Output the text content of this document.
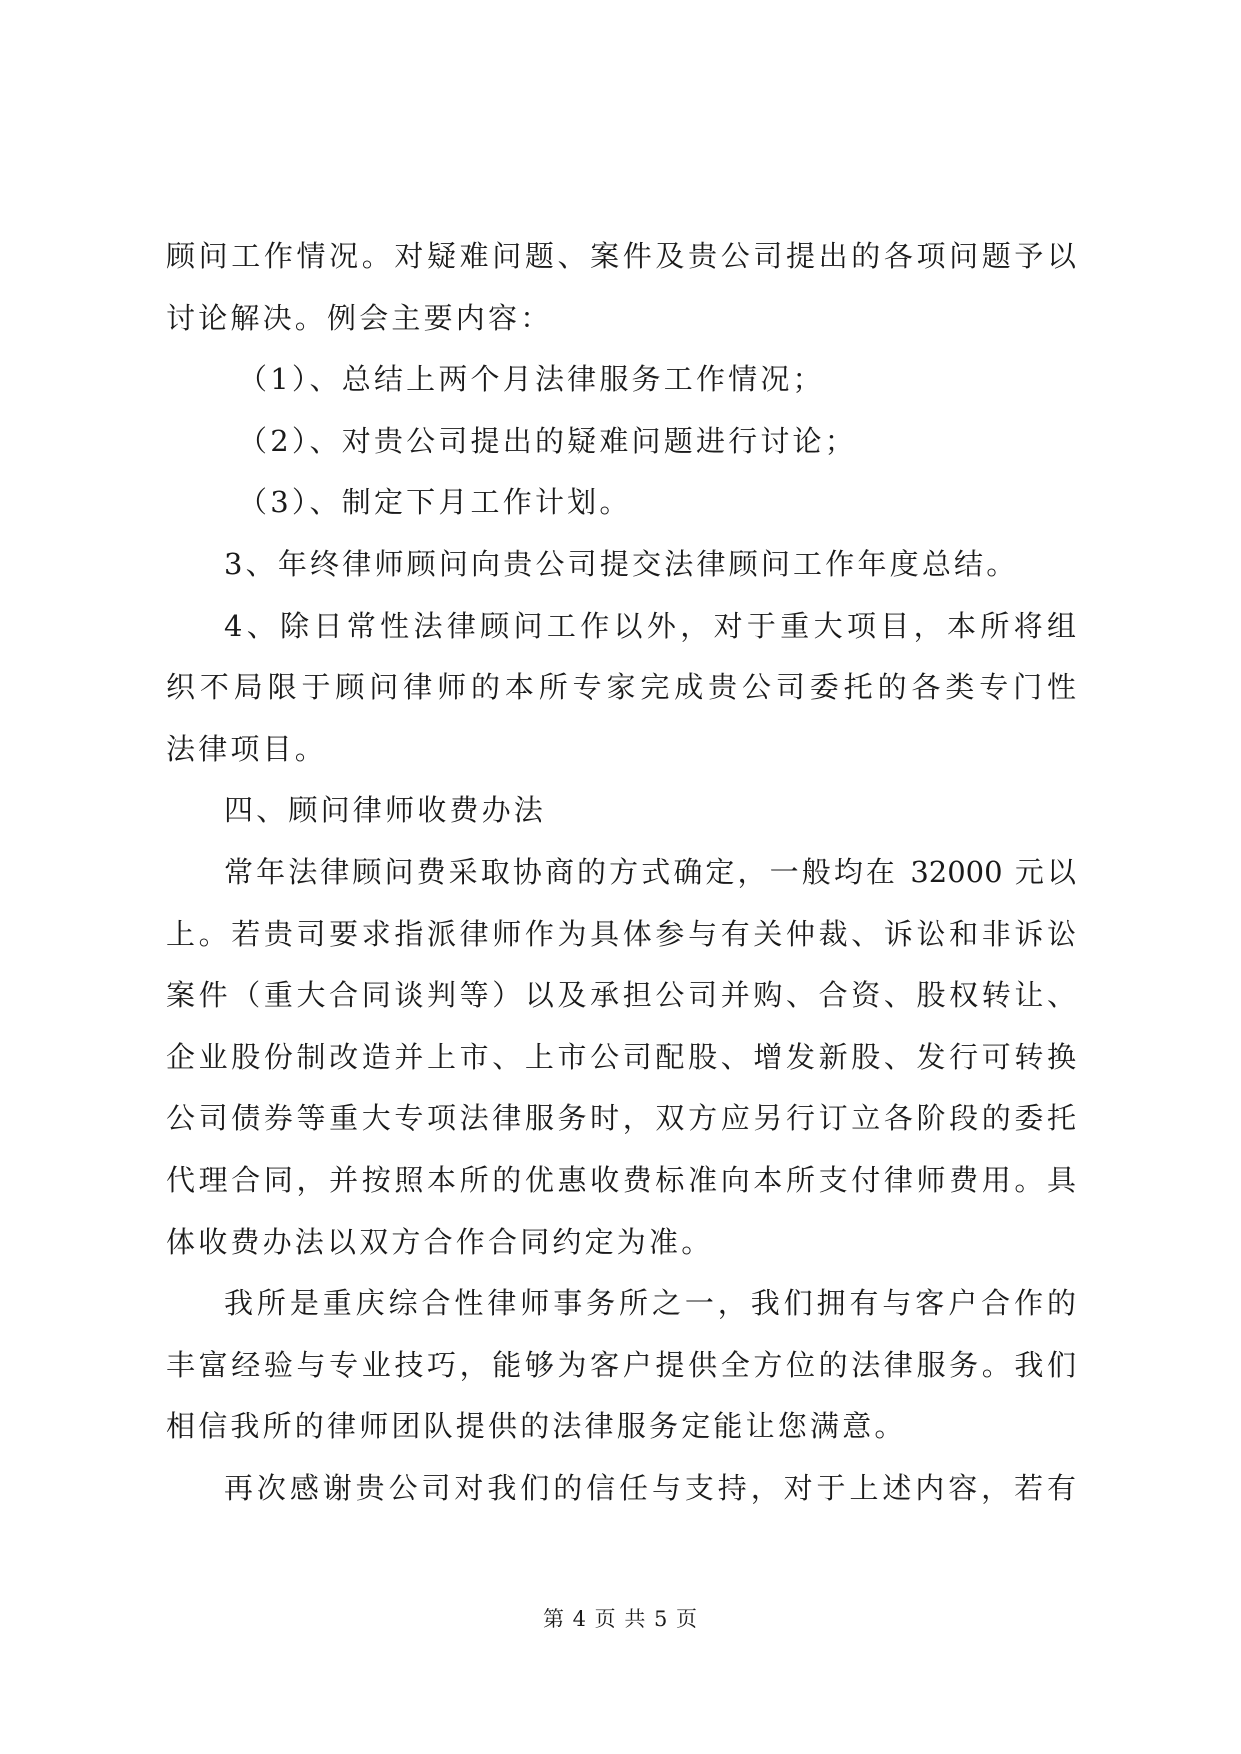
顾问工作情况。对疑难问题、案件及贵公司提出的各项问题予以
讨论解决。例会主要内容：
（1）、总结上两个月法律服务工作情况；
（2）、对贵公司提出的疑难问题进行讨论；
（3）、制定下月工作计划。
3、年终律师顾问向贵公司提交法律顾问工作年度总结。
4、除日常性法律顾问工作以外，对于重大项目，本所将组
织不局限于顾问律师的本所专家完成贵公司委托的各类专门性
法律项目。
四、顾问律师收费办法
常年法律顾问费采取协商的方式确定，一般均在 32000 元以
上。若贵司要求指派律师作为具体参与有关仲裁、诉讼和非诉讼
案件（重大合同谈判等）以及承担公司并购、合资、股权转让、
企业股份制改造并上市、上市公司配股、增发新股、发行可转换
公司债券等重大专项法律服务时，双方应另行订立各阶段的委托
代理合同，并按照本所的优惠收费标准向本所支付律师费用。具
体收费办法以双方合作合同约定为准。
我所是重庆综合性律师事务所之一，我们拥有与客户合作的
丰富经验与专业技巧，能够为客户提供全方位的法律服务。我们
相信我所的律师团队提供的法律服务定能让您满意。
再次感谢贵公司对我们的信任与支持，对于上述内容，若有
第 4 页 共 5 页
